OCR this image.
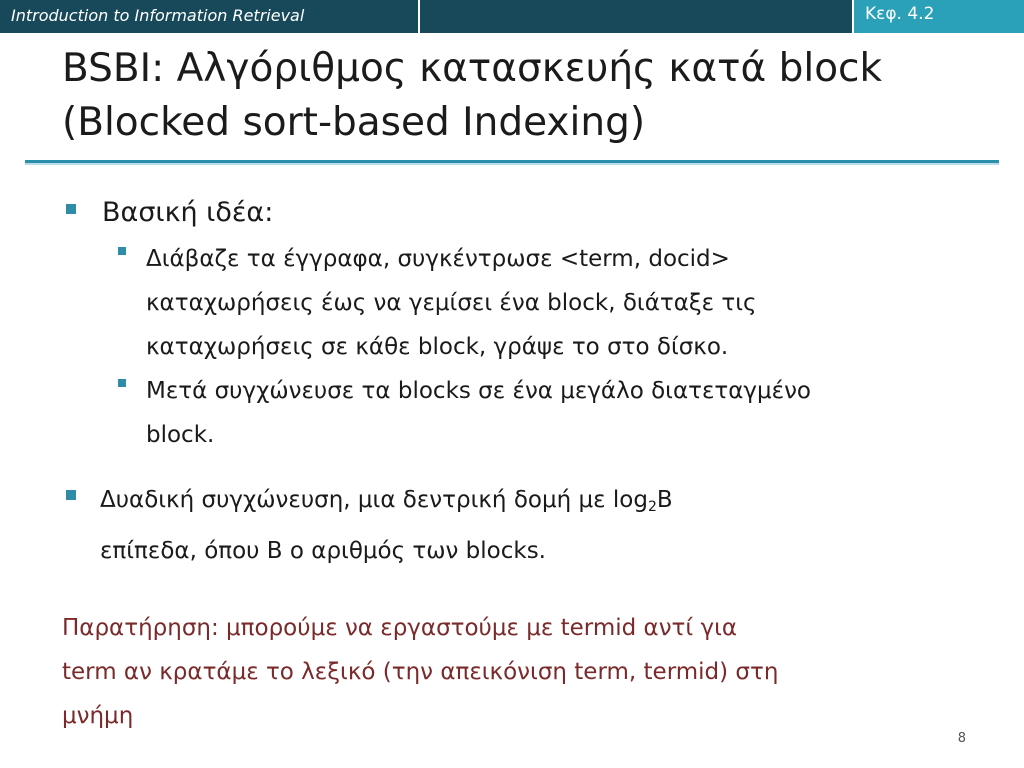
Introduction to Information Retrieval	Κεφ. 4.2
BSBI: Αλγόριθμος κατασκευής κατά block
(Blocked sort-based Indexing)
Βασική ιδέα:
Διάβαζε τα έγγραφα, συγκέντρωσε <term, docid>
καταχωρήσεις έως να γεμίσει ένα block, διάταξε τις
καταχωρήσεις σε κάθε block, γράψε το στο δίσκο.
Μετά συγχώνευσε τα blocks σε ένα μεγάλο διατεταγμένο
block.
Δυαδική συγχώνευση, μια δεντρική δομή με $\log_2B$
επίπεδα, όπου B ο αριθμός των blocks.
Παρατήρηση: μπορούμε να εργαστούμε με termid αντί για
term αν κρατάμε το λεξικό (την απεικόνιση term, termid) στη
μνήμη
8
